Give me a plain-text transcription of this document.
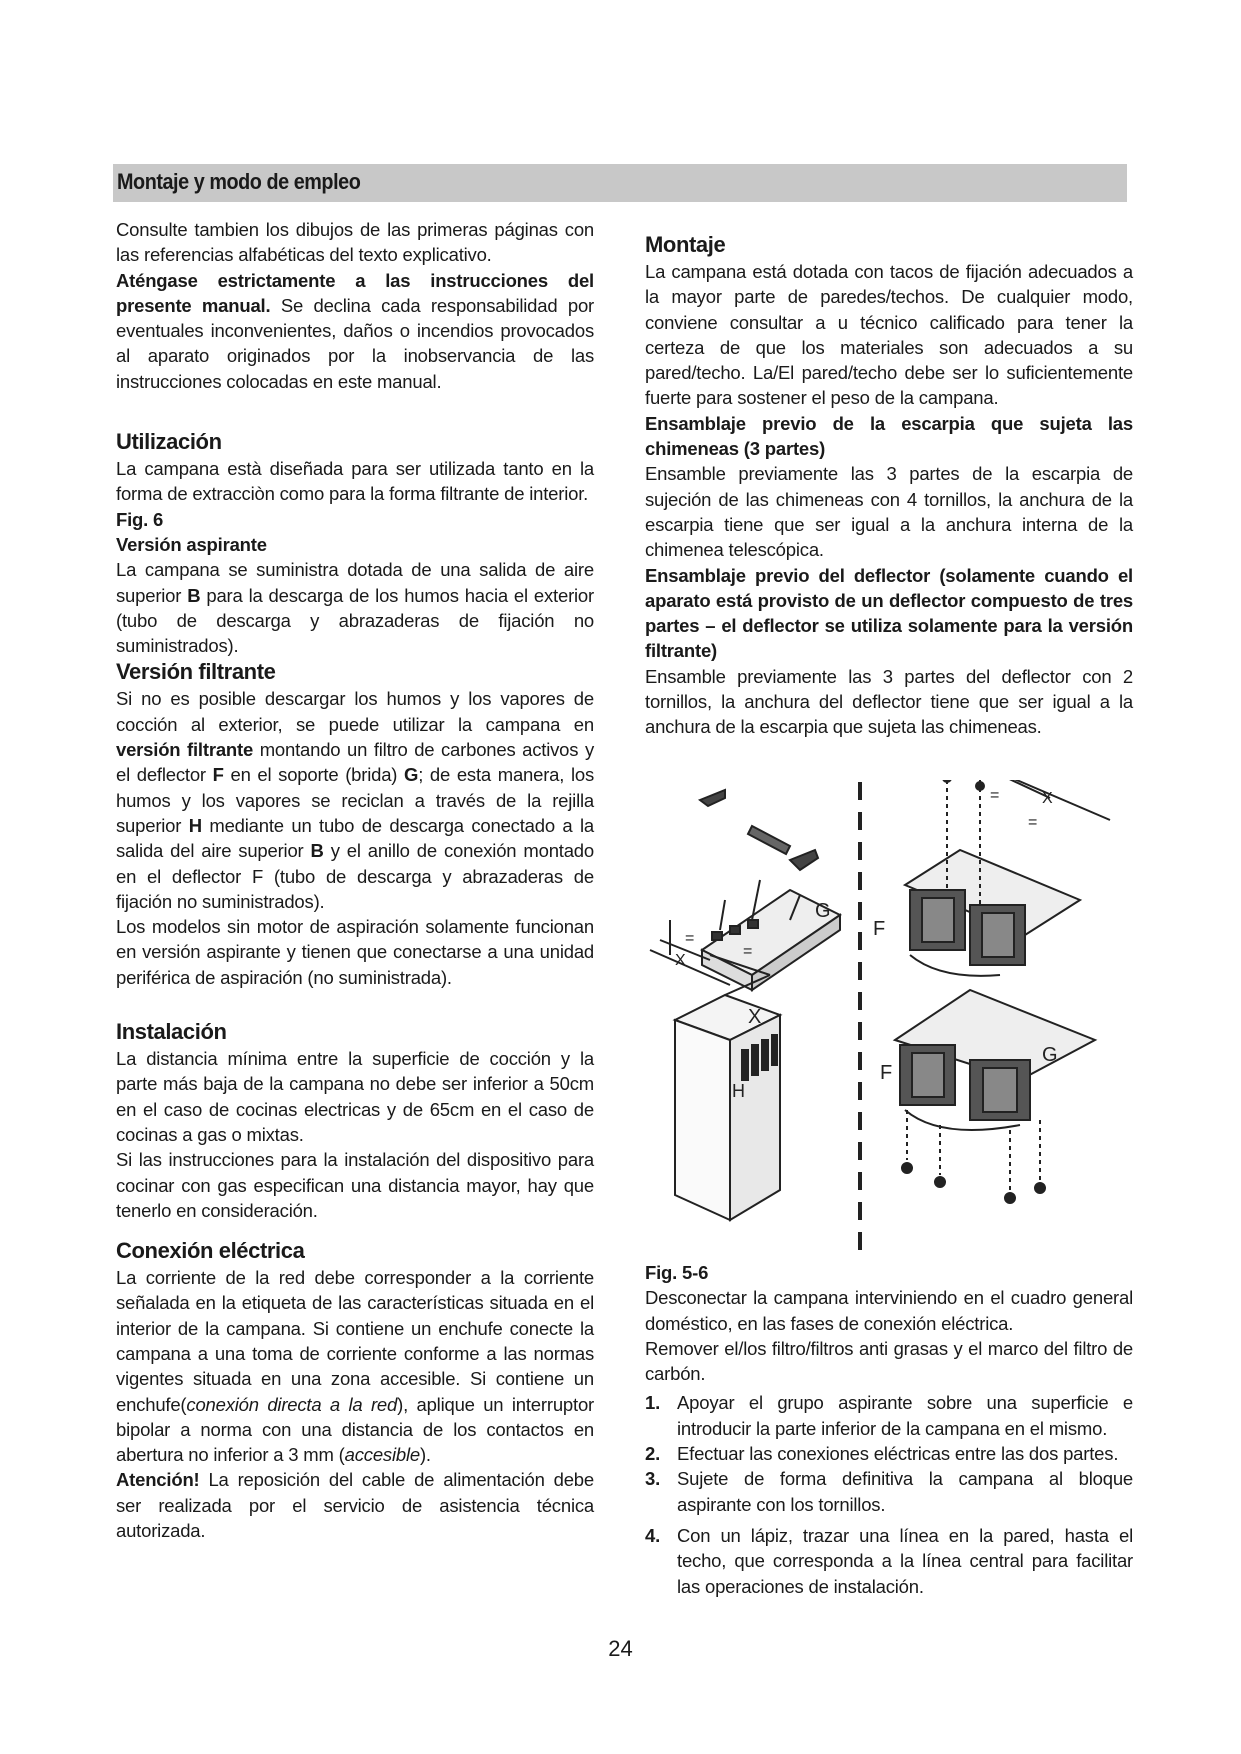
Montaje y modo de empleo

Consulte tambien los dibujos de las primeras páginas con las referencias alfabéticas del texto explicativo.
Aténgase estrictamente a las instrucciones del presente manual. Se declina cada responsabilidad por eventuales inconvenientes, daños o incendios provocados al aparato originados por la inobservancia de las instrucciones colocadas en este manual.

Utilización

La campana està diseñada para ser utilizada tanto en la forma de extracciòn como para la forma filtrante de interior.

Fig. 6

Versión aspirante

La campana se suministra dotada de una salida de aire superior B para la descarga de los humos hacia el exterior (tubo de descarga y abrazaderas de fijación no suministrados).

Versión filtrante

Si no es posible descargar los humos y los vapores de cocción al exterior, se puede utilizar la campana en versión filtrante montando un filtro de carbones activos y el deflector F en el soporte (brida) G; de esta manera, los humos y los vapores se reciclan a través de la rejilla superior H mediante un tubo de descarga conectado a la salida del aire superior B y el anillo de conexión montado en el deflector F (tubo de descarga y abrazaderas de fijación no suministrados).

Los modelos sin motor de aspiración solamente funcionan en versión aspirante y tienen que conectarse a una unidad periférica de aspiración (no suministrada).

Instalación

La distancia mínima entre la superficie de cocción y la parte más baja de la campana no debe ser inferior a 50cm en el caso de cocinas electricas y de 65cm en el caso de cocinas a gas o mixtas.

Si las instrucciones para la instalación del dispositivo para cocinar con gas especifican una distancia mayor, hay que tenerlo en consideración.

Conexión eléctrica

La corriente de la red debe corresponder a la corriente señalada en la etiqueta de las características situada en el interior de la campana. Si contiene un enchufe conecte la campana a una toma de corriente conforme a las normas vigentes situada en una zona accesible. Si contiene un enchufe(conexión directa a la red), aplique un interruptor bipolar a norma con una distancia de los contactos en abertura no inferior a 3 mm (accesible).

Atención! La reposición del cable de alimentación debe ser realizada por el servicio de asistencia técnica autorizada.

Montaje

La campana está dotada con tacos de fijación adecuados a la mayor parte de paredes/techos. De cualquier modo, conviene consultar a u técnico calificado para tener la certeza de que los materiales son adecuados a su pared/techo. La/El pared/techo debe ser lo suficientemente fuerte para sostener el peso de la campana.

Ensamblaje previo de la escarpia que sujeta las chimeneas (3 partes)

Ensamble previamente las 3 partes de la escarpia de sujeción de las chimeneas con 4 tornillos, la anchura de la escarpia tiene que ser igual a la anchura interna de la chimenea telescópica.

Ensamblaje previo del deflector (solamente cuando el aparato está provisto de un deflector compuesto de tres partes – el deflector se utiliza solamente para la versión filtrante)

Ensamble previamente las 3 partes del deflector con 2 tornillos, la anchura del deflector tiene que ser igual a la anchura de la escarpia que sujeta las chimeneas.

G
F
X
=
=
X
=
=
X
H
F
G

Fig. 5-6

Desconectar la campana interviniendo en el cuadro general doméstico, en las fases de conexión eléctrica.

Remover el/los filtro/filtros anti grasas y el marco del filtro de carbón.

1. Apoyar el grupo aspirante sobre una superficie e introducir la parte inferior de la campana en el mismo.
2. Efectuar las conexiones eléctricas entre las dos partes.
3. Sujete de forma definitiva la campana al bloque aspirante con los tornillos.
4. Con un lápiz, trazar una línea en la pared, hasta el techo, que corresponda a la línea central para facilitar las operaciones de instalación.
24
